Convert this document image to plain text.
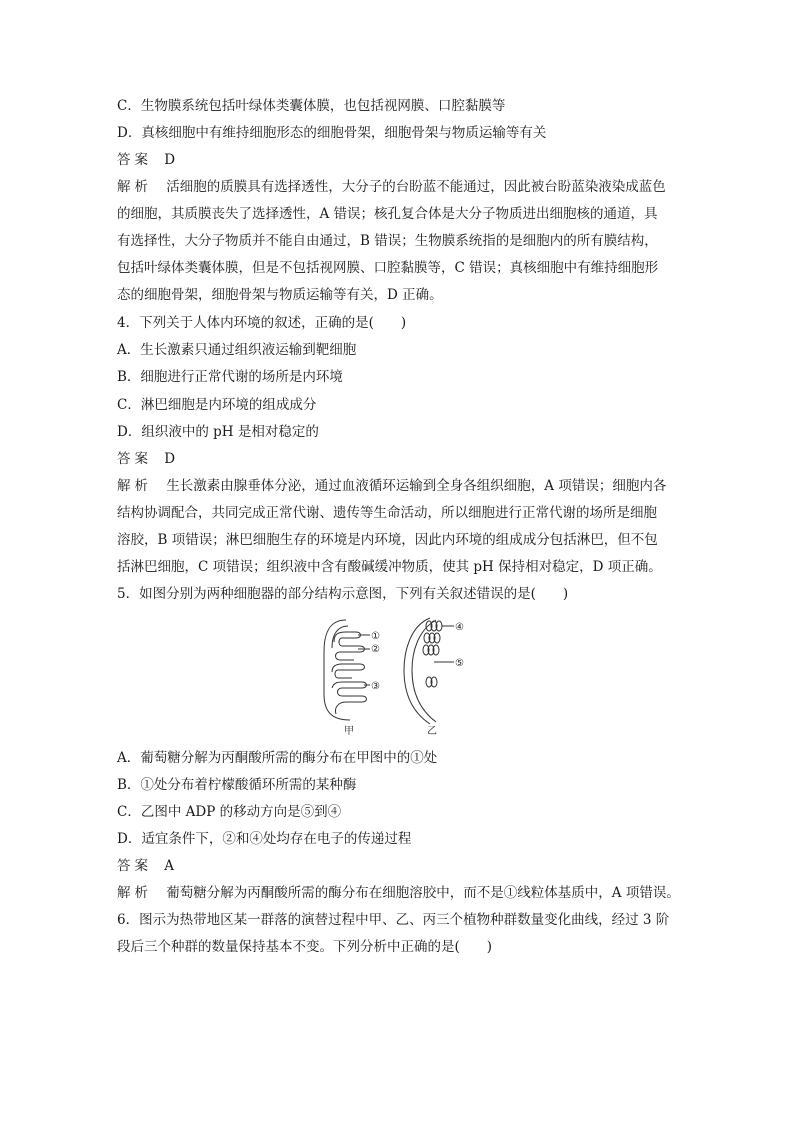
C．生物膜系统包括叶绿体类囊体膜，也包括视网膜、口腔黏膜等
D．真核细胞中有维持细胞形态的细胞骨架，细胞骨架与物质运输等有关
答案 D
解析 活细胞的质膜具有选择透性，大分子的台盼蓝不能通过，因此被台盼蓝染液染成蓝色
的细胞，其质膜丧失了选择透性，A 错误；核孔复合体是大分子物质进出细胞核的通道，具
有选择性，大分子物质并不能自由通过，B 错误；生物膜系统指的是细胞内的所有膜结构，
包括叶绿体类囊体膜，但是不包括视网膜、口腔黏膜等，C 错误；真核细胞中有维持细胞形
态的细胞骨架，细胞骨架与物质运输等有关，D 正确。
4．下列关于人体内环境的叙述，正确的是(　　)
A．生长激素只通过组织液运输到靶细胞
B．细胞进行正常代谢的场所是内环境
C．淋巴细胞是内环境的组成成分
D．组织液中的 pH 是相对稳定的
答案 D
解析 生长激素由腺垂体分泌，通过血液循环运输到全身各组织细胞，A 项错误；细胞内各
结构协调配合，共同完成正常代谢、遗传等生命活动，所以细胞进行正常代谢的场所是细胞
溶胶，B 项错误；淋巴细胞生存的环境是内环境，因此内环境的组成成分包括淋巴，但不包
括淋巴细胞，C 项错误；组织液中含有酸碱缓冲物质，使其 pH 保持相对稳定，D 项正确。
5．如图分别为两种细胞器的部分结构示意图，下列有关叙述错误的是(　　)
①
②
③
④
⑤
甲	乙
A．葡萄糖分解为丙酮酸所需的酶分布在甲图中的①处
B．①处分布着柠檬酸循环所需的某种酶
C．乙图中 ADP 的移动方向是⑤到④
D．适宜条件下，②和④处均存在电子的传递过程
答案 A
解析 葡萄糖分解为丙酮酸所需的酶分布在细胞溶胶中，而不是①线粒体基质中，A 项错误。
6．图示为热带地区某一群落的演替过程中甲、乙、丙三个植物种群数量变化曲线，经过 3 阶
段后三个种群的数量保持基本不变。下列分析中正确的是(　　)
